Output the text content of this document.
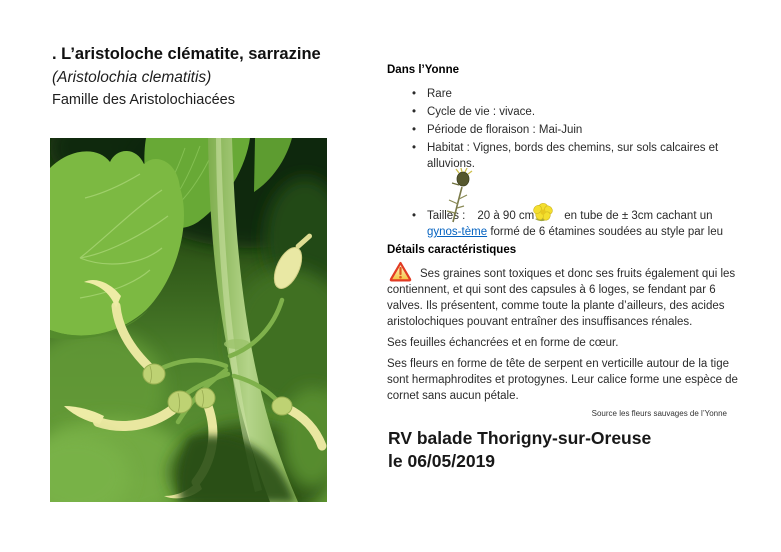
. L’aristoloche clématite, sarrazine
(Aristolochia clematitis)
Famille des Aristolochiacées
Dans l’Yonne
• Rare
• Cycle de vie : vivace.
• Période de floraison : Mai-Juin
• Habitat : Vignes, bords des chemins, sur sols calcaires et alluvions.
• Tailles : 20 à 90 cm	en tube de ± 3cm cachant un gynos-tème formé de 6 étamines soudées au style par leu
Détails caractéristiques
Ses graines sont toxiques et donc ses fruits également qui les contiennent, et qui sont des capsules à 6 loges, se fendant par 6 valves. Ils présentent, comme toute la plante d’ailleurs, des acides aristolochiques pouvant entraîner des insuffisances rénales.
Ses feuilles échancrées et en forme de cœur.
Ses fleurs en forme de tête de serpent en verticille autour de la tige sont hermaphrodites et protogynes. Leur calice forme une espèce de cornet sans aucun pétale.
Source les fleurs sauvages de l’Yonne
RV balade Thorigny-sur-Oreuse
le 06/05/2019
